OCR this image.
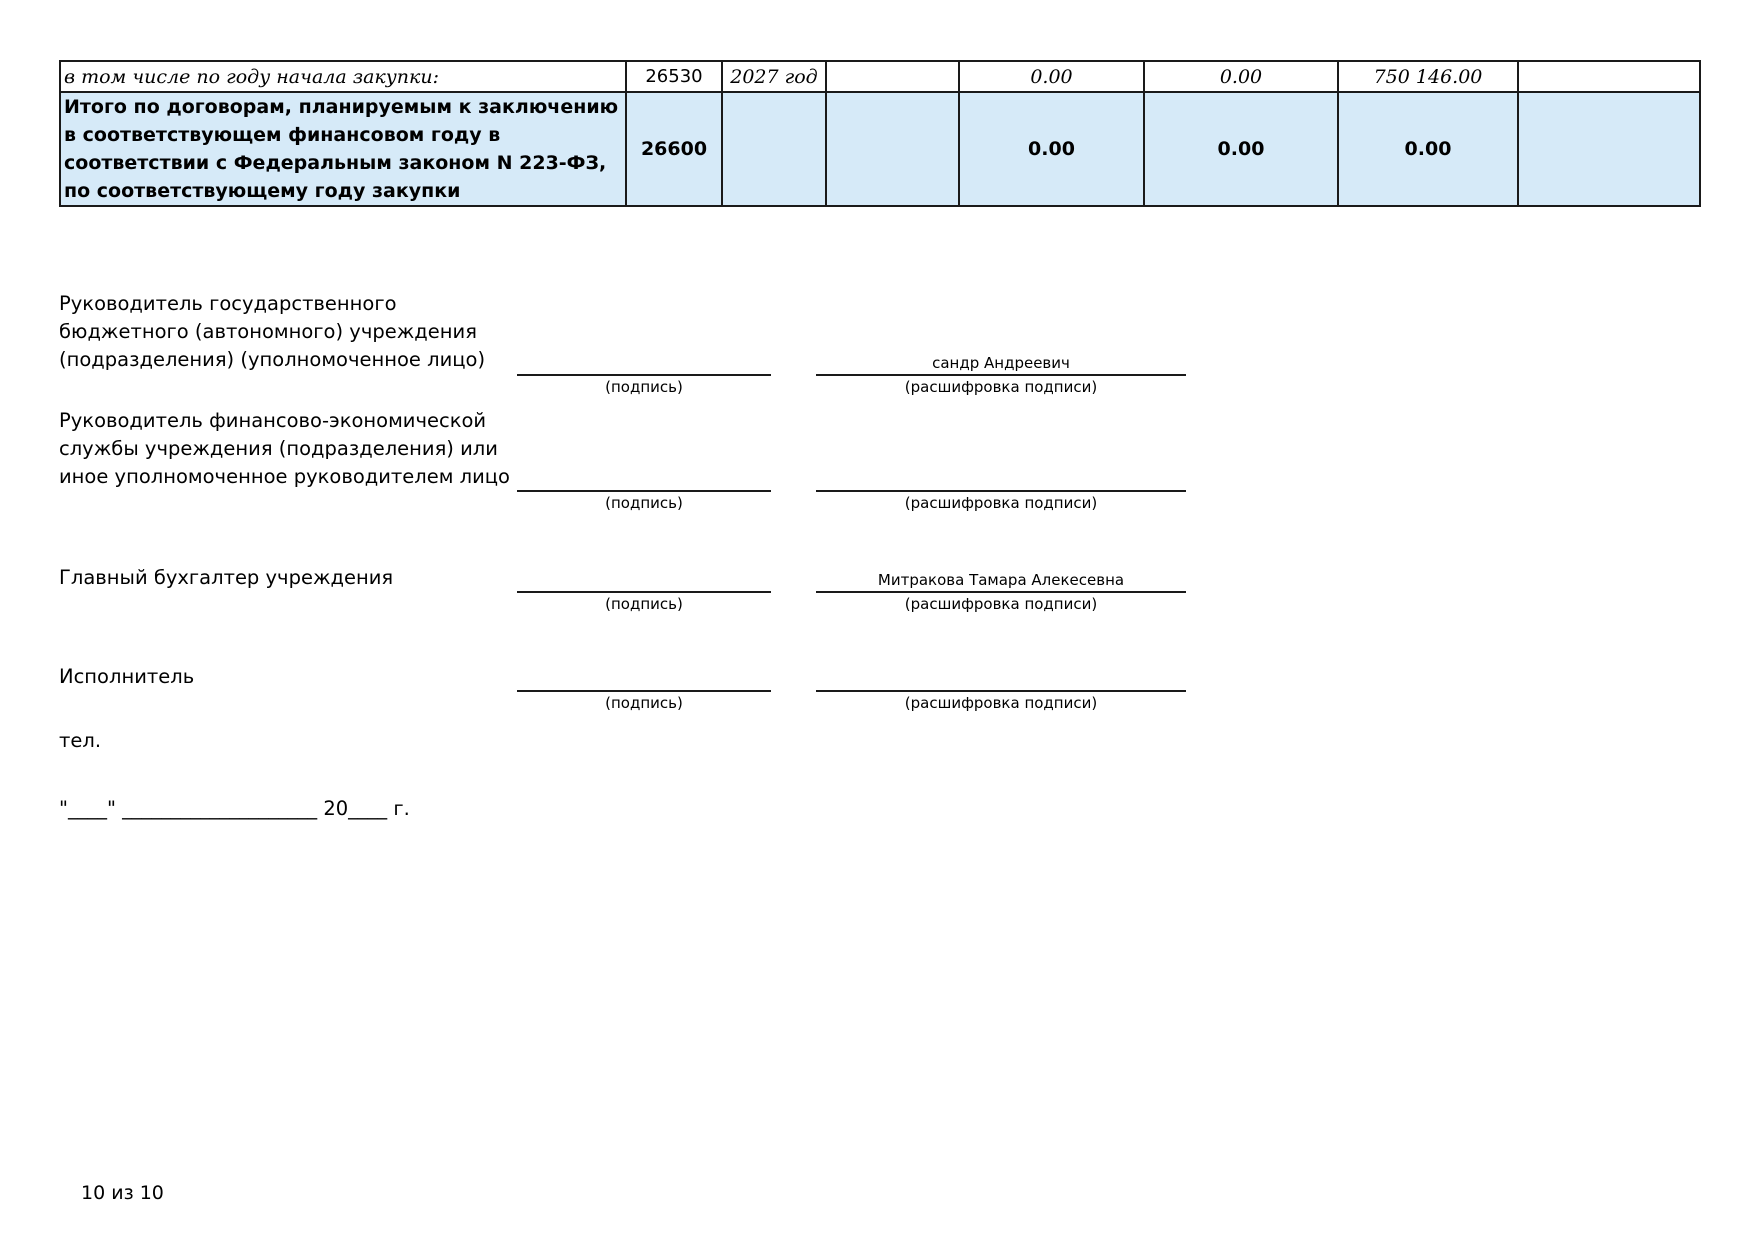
в том числе по году начала закупки:	26530	2027 год		0.00	0.00	750 146.00	
Итого по договорам, планируемым к заключению в соответствующем финансовом году в соответствии с Федеральным законом N 223-ФЗ, по соответствующему году закупки	26600			0.00	0.00	0.00	
Руководитель государственного
бюджетного (автономного) учреждения
(подразделения) (уполномоченное лицо)	сандр Андреевич
(подпись)	(расшифровка подписи)
Руководитель финансово-экономической
службы учреждения (подразделения) или
иное уполномоченное руководителем лицо
(подпись)	(расшифровка подписи)
Главный бухгалтер учреждения	Митракова Тамара Алекесевна
(подпись)	(расшифровка подписи)
Исполнитель
(подпись)	(расшифровка подписи)
тел.
"____" ____________________ 20____ г.
10 из 10
